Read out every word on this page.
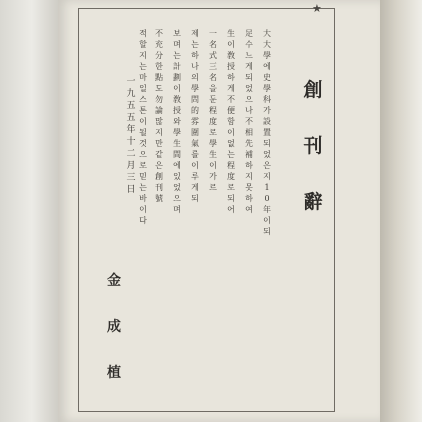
★
創刊辭
大大學에 史學科가 設置되었은지 10年이 되
足수느게 되었으나 不相先補하지 못하여
生이 敎授하게 不便함이 없는 程度로 되어
一名式 三名을 둔 程度로 學生이 가르
제는 하나의 學問的 雰圍氣를 이루게 되
보며는 計劃이 敎授와 學生間에 있었으며
不充分한 點도 勿論 많지만 같은 創刊號
적할지는 마일 스톤이 될것으로 믿는 바이다
一九五五年十二月三日
金成植
